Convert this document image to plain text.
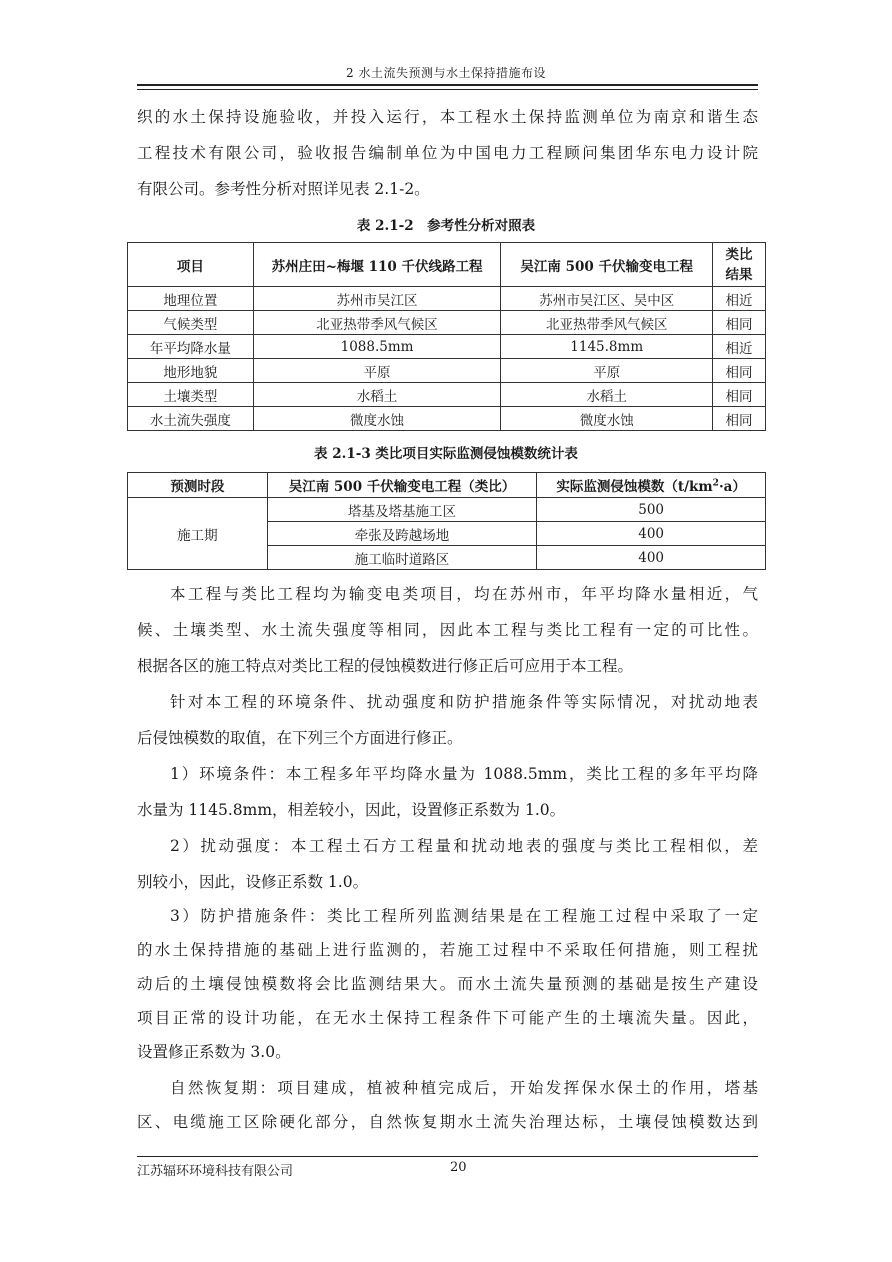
2 水土流失预测与水土保持措施布设
织的水土保持设施验收，并投入运行，本工程水土保持监测单位为南京和谐生态
工程技术有限公司，验收报告编制单位为中国电力工程顾问集团华东电力设计院
有限公司。参考性分析对照详见表 2.1-2。
表 2.1-2　参考性分析对照表
项目	苏州庄田~梅堰 110 千伏线路工程	吴江南 500 千伏输变电工程	类比
结果
地理位置	苏州市吴江区	苏州市吴江区、吴中区	相近
气候类型	北亚热带季风气候区	北亚热带季风气候区	相同
年平均降水量	1088.5mm	1145.8mm	相近
地形地貌	平原	平原	相同
土壤类型	水稻土	水稻土	相同
水土流失强度	微度水蚀	微度水蚀	相同
表 2.1-3 类比项目实际监测侵蚀模数统计表
预测时段	吴江南 500 千伏输变电工程（类比）	实际监测侵蚀模数$(t/km^2\cdot a)$
施工期	塔基及塔基施工区	500
	牵张及跨越场地	400
	施工临时道路区	400
本工程与类比工程均为输变电类项目，均在苏州市，年平均降水量相近，气
候、土壤类型、水土流失强度等相同，因此本工程与类比工程有一定的可比性。
根据各区的施工特点对类比工程的侵蚀模数进行修正后可应用于本工程。
针对本工程的环境条件、扰动强度和防护措施条件等实际情况，对扰动地表
后侵蚀模数的取值，在下列三个方面进行修正。
1）环境条件：本工程多年平均降水量为 1088.5mm，类比工程的多年平均降
水量为 1145.8mm，相差较小，因此，设置修正系数为 1.0。
2）扰动强度：本工程土石方工程量和扰动地表的强度与类比工程相似，差
别较小，因此，设修正系数 1.0。
3）防护措施条件：类比工程所列监测结果是在工程施工过程中采取了一定
的水土保持措施的基础上进行监测的，若施工过程中不采取任何措施，则工程扰
动后的土壤侵蚀模数将会比监测结果大。而水土流失量预测的基础是按生产建设
项目正常的设计功能，在无水土保持工程条件下可能产生的土壤流失量。因此，
设置修正系数为 3.0。
自然恢复期：项目建成，植被种植完成后，开始发挥保水保土的作用，塔基
区、电缆施工区除硬化部分，自然恢复期水土流失治理达标，土壤侵蚀模数达到
江苏辐环环境科技有限公司	20
